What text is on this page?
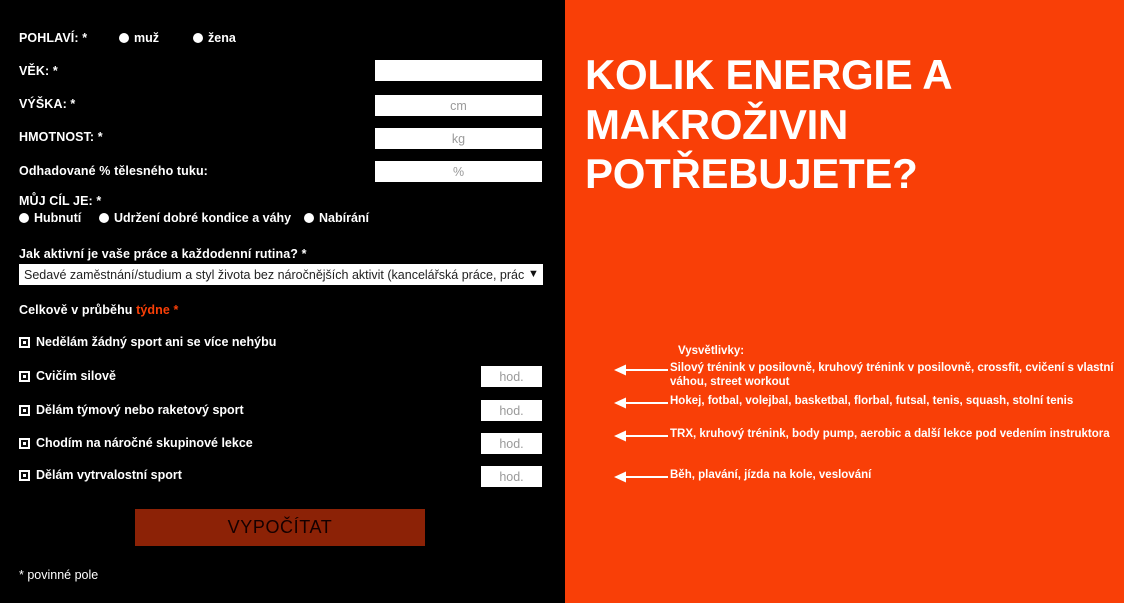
POHLAVÍ: *	muž	žena
VĚK: *
VÝŠKA: *
cm
HMOTNOST: *
kg
Odhadované % tělesného tuku:
%
MŮJ CÍL JE: *
Hubnutí	Udržení dobré kondice a váhy Nabírání
Jak aktivní je vaše práce a každodenní rutina? *
Sedavé zaměstnání/studium a styl života bez náročnějších aktivit (kancelářská práce, práce na PC)
▼
Celkově v průběhu týdne *
Nedělám žádný sport ani se více nehýbu
Cvičím silově
hod.
Dělám týmový nebo raketový sport
hod.
Chodím na náročné skupinové lekce
hod.
Dělám vytrvalostní sport
hod.
VYPOČÍTAT
* povinné pole
KOLIK ENERGIE A
MAKROŽIVIN
POTŘEBUJETE?
Vysvětlivky:
Silový trénink v posilovně, kruhový trénink v posilovně, crossfit, cvičení s vlastní váhou, street workout
Hokej, fotbal, volejbal, basketbal, florbal, futsal, tenis, squash, stolní tenis
TRX, kruhový trénink, body pump, aerobic a další lekce pod vedením instruktora
Běh, plavání, jízda na kole, veslování
